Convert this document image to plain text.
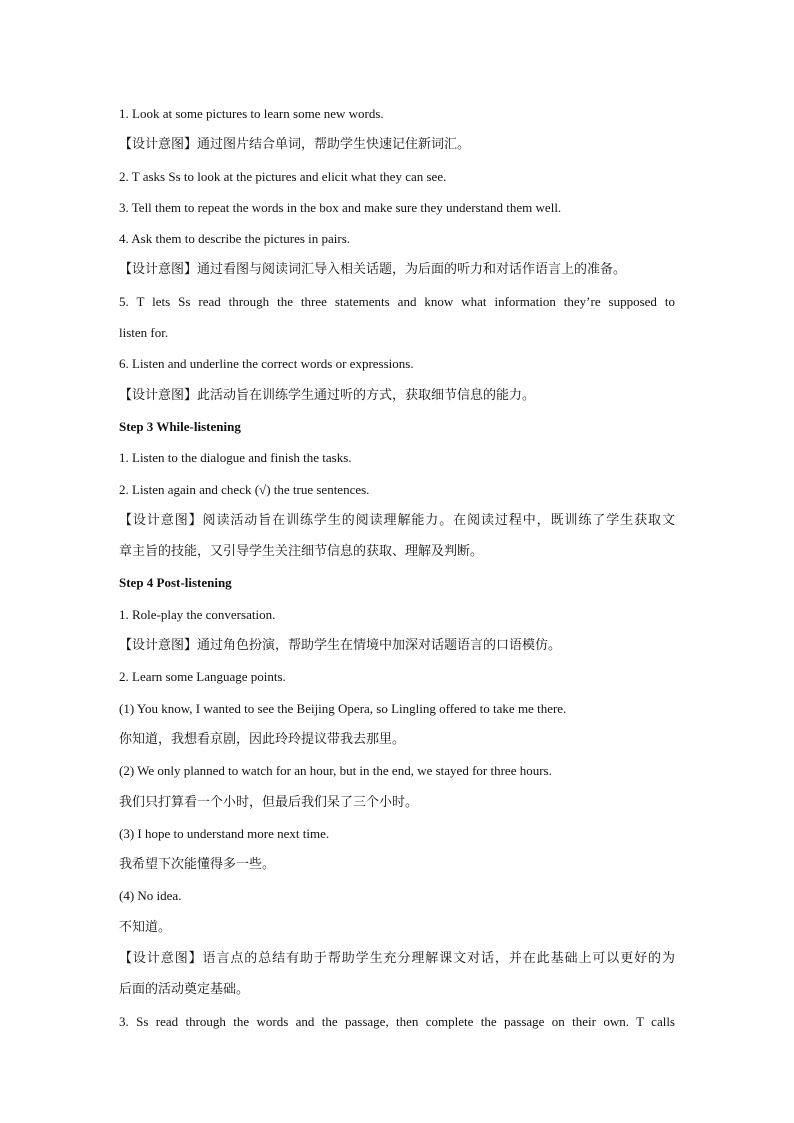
1. Look at some pictures to learn some new words.
【设计意图】通过图片结合单词，帮助学生快速记住新词汇。
2. T asks Ss to look at the pictures and elicit what they can see.
3. Tell them to repeat the words in the box and make sure they understand them well.
4. Ask them to describe the pictures in pairs.
【设计意图】通过看图与阅读词汇导入相关话题，为后面的听力和对话作语言上的准备。
5. T lets Ss read through the three statements and know what information they’re supposed to
listen for.
6. Listen and underline the correct words or expressions.
【设计意图】此活动旨在训练学生通过听的方式，获取细节信息的能力。
Step 3 While-listening
1. Listen to the dialogue and finish the tasks.
2. Listen again and check (√) the true sentences.
【设计意图】阅读活动旨在训练学生的阅读理解能力。在阅读过程中，既训练了学生获取文
章主旨的技能，又引导学生关注细节信息的获取、理解及判断。
Step 4 Post-listening
1. Role-play the conversation.
【设计意图】通过角色扮演，帮助学生在情境中加深对话题语言的口语模仿。
2. Learn some Language points.
(1) You know, I wanted to see the Beijing Opera, so Lingling offered to take me there.
你知道，我想看京剧，因此玲玲提议带我去那里。
(2) We only planned to watch for an hour, but in the end, we stayed for three hours.
我们只打算看一个小时，但最后我们呆了三个小时。
(3) I hope to understand more next time.
我希望下次能懂得多一些。
(4) No idea.
不知道。
【设计意图】语言点的总结有助于帮助学生充分理解课文对话，并在此基础上可以更好的为
后面的活动奠定基础。
3. Ss read through the words and the passage, then complete the passage on their own. T calls
